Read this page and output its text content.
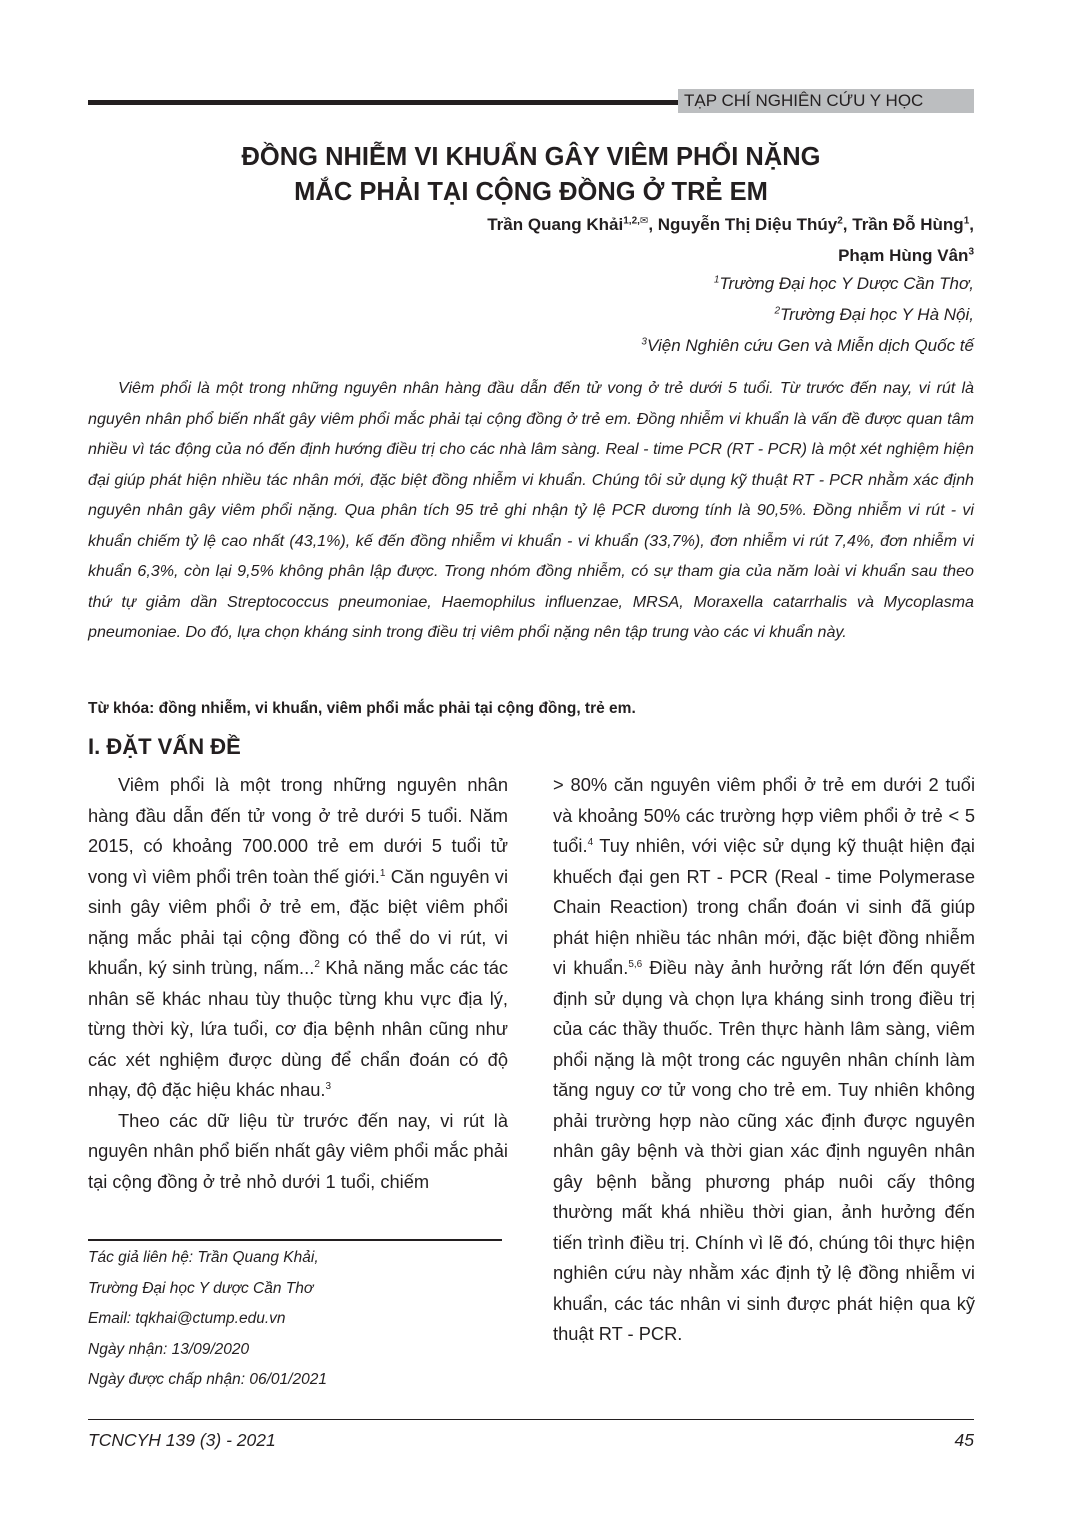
TẠP CHÍ NGHIÊN CỨU Y HỌC
ĐỒNG NHIỄM VI KHUẨN GÂY VIÊM PHỔI NẶNG
MẮC PHẢI TẠI CỘNG ĐỒNG Ở TRẺ EM
Trần Quang Khải$^{1,2,✉}$, Nguyễn Thị Diệu Thúy$^2$, Trần Đỗ Hùng$^1$,
Phạm Hùng Vân$^3$
$^1$Trường Đại học Y Dược Cần Thơ,
$^2$Trường Đại học Y Hà Nội,
$^3$Viện Nghiên cứu Gen và Miễn dịch Quốc tế
Viêm phổi là một trong những nguyên nhân hàng đầu dẫn đến tử vong ở trẻ dưới 5 tuổi. Từ trước đến nay, vi rút là nguyên nhân phổ biến nhất gây viêm phổi mắc phải tại cộng đồng ở trẻ em. Đồng nhiễm vi khuẩn là vấn đề được quan tâm nhiều vì tác động của nó đến định hướng điều trị cho các nhà lâm sàng. Real - time PCR (RT - PCR) là một xét nghiệm hiện đại giúp phát hiện nhiều tác nhân mới, đặc biệt đồng nhiễm vi khuẩn. Chúng tôi sử dụng kỹ thuật RT - PCR nhằm xác định nguyên nhân gây viêm phổi nặng. Qua phân tích 95 trẻ ghi nhận tỷ lệ PCR dương tính là 90,5%. Đồng nhiễm vi rút - vi khuẩn chiếm tỷ lệ cao nhất (43,1%), kế đến đồng nhiễm vi khuẩn - vi khuẩn (33,7%), đơn nhiễm vi rút 7,4%, đơn nhiễm vi khuẩn 6,3%, còn lại 9,5% không phân lập được. Trong nhóm đồng nhiễm, có sự tham gia của năm loài vi khuẩn sau theo thứ tự giảm dần Streptococcus pneumoniae, Haemophilus influenzae, MRSA, Moraxella catarrhalis và Mycoplasma pneumoniae. Do đó, lựa chọn kháng sinh trong điều trị viêm phổi nặng nên tập trung vào các vi khuẩn này.
Từ khóa: đồng nhiễm, vi khuẩn, viêm phổi mắc phải tại cộng đồng, trẻ em.
I. ĐẶT VẤN ĐỀ

Viêm phổi là một trong những nguyên nhân hàng đầu dẫn đến tử vong ở trẻ dưới 5 tuổi. Năm 2015, có khoảng 700.000 trẻ em dưới 5 tuổi tử vong vì viêm phổi trên toàn thế giới.$^1$ Căn nguyên vi sinh gây viêm phổi ở trẻ em, đặc biệt viêm phổi nặng mắc phải tại cộng đồng có thể do vi rút, vi khuẩn, ký sinh trùng, nấm...$^2$ Khả năng mắc các tác nhân sẽ khác nhau tùy thuộc từng khu vực địa lý, từng thời kỳ, lứa tuổi, cơ địa bệnh nhân cũng như các xét nghiệm được dùng để chẩn đoán có độ nhạy, độ đặc hiệu khác nhau.$^3$

Theo các dữ liệu từ trước đến nay, vi rút là nguyên nhân phổ biến nhất gây viêm phổi mắc phải tại cộng đồng ở trẻ nhỏ dưới 1 tuổi, chiếm

Tác giả liên hệ: Trần Quang Khải,
Trường Đại học Y dược Cần Thơ
Email: tqkhai@ctump.edu.vn
Ngày nhận: 13/09/2020
Ngày được chấp nhận: 06/01/2021

> 80% căn nguyên viêm phổi ở trẻ em dưới 2 tuổi và khoảng 50% các trường hợp viêm phổi ở trẻ < 5 tuổi.$^4$ Tuy nhiên, với việc sử dụng kỹ thuật hiện đại khuếch đại gen RT - PCR (Real - time Polymerase Chain Reaction) trong chẩn đoán vi sinh đã giúp phát hiện nhiều tác nhân mới, đặc biệt đồng nhiễm vi khuẩn.$^{5,6}$ Điều này ảnh hưởng rất lớn đến quyết định sử dụng và chọn lựa kháng sinh trong điều trị của các thầy thuốc. Trên thực hành lâm sàng, viêm phổi nặng là một trong các nguyên nhân chính làm tăng nguy cơ tử vong cho trẻ em. Tuy nhiên không phải trường hợp nào cũng xác định được nguyên nhân gây bệnh và thời gian xác định nguyên nhân gây bệnh bằng phương pháp nuôi cấy thông thường mất khá nhiều thời gian, ảnh hưởng đến tiến trình điều trị. Chính vì lẽ đó, chúng tôi thực hiện nghiên cứu này nhằm xác định tỷ lệ đồng nhiễm vi khuẩn, các tác nhân vi sinh được phát hiện qua kỹ thuật RT - PCR.

TCNCYH 139 (3) - 2021	45
